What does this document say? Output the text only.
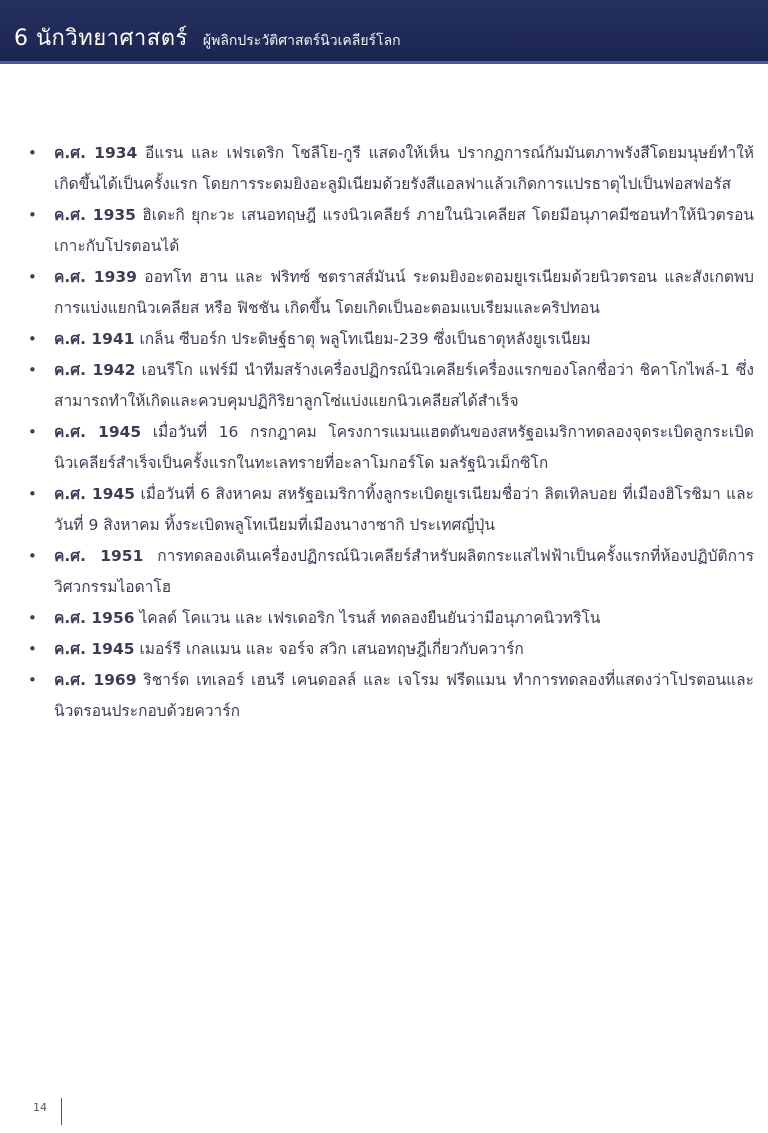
6 นักวิทยาศาสตร์ ผู้พลิกประวัติศาสตร์นิวเคลียร์โลก
• ค.ศ. 1934 อีแรน และ เฟรเดริก โชลีโย-กูรี แสดงให้เห็น ปรากฏการณ์กัมมันตภาพรังสีโดยมนุษย์ทำให้เกิดขึ้นได้เป็นครั้งแรก โดยการระดมยิงอะลูมิเนียมด้วยรังสีแอลฟาแล้วเกิดการแปรธาตุไปเป็นฟอสฟอรัส
• ค.ศ. 1935 ฮิเดะกิ ยุกะวะ เสนอทฤษฎี แรงนิวเคลียร์ ภายในนิวเคลียส โดยมีอนุภาคมีซอนทำให้นิวตรอนเกาะกับโปรตอนได้
• ค.ศ. 1939 ออทโท ฮาน และ ฟริทซ์ ชตราสส์มันน์ ระดมยิงอะตอมยูเรเนียมด้วยนิวตรอน และสังเกตพบ การแบ่งแยกนิวเคลียส หรือ ฟิชชัน เกิดขึ้น โดยเกิดเป็นอะตอมแบเรียมและคริปทอน
• ค.ศ. 1941 เกล็น ซีบอร์ก ประดิษฐ์ธาตุ พลูโทเนียม-239 ซึ่งเป็นธาตุหลังยูเรเนียม
• ค.ศ. 1942 เอนรีโก แฟร์มี นำทีมสร้างเครื่องปฏิกรณ์นิวเคลียร์เครื่องแรกของโลกชื่อว่า ชิคาโกไพล์-1 ซึ่งสามารถทำให้เกิดและควบคุมปฏิกิริยาลูกโซ่แบ่งแยกนิวเคลียสได้สำเร็จ
• ค.ศ. 1945 เมื่อวันที่ 16 กรกฎาคม โครงการแมนแฮตตันของสหรัฐอเมริกาทดลองจุดระเบิดลูกระเบิดนิวเคลียร์สำเร็จเป็นครั้งแรกในทะเลทรายที่อะลาโมกอร์โด มลรัฐนิวเม็กซิโก
• ค.ศ. 1945 เมื่อวันที่ 6 สิงหาคม สหรัฐอเมริกาทิ้งลูกระเบิดยูเรเนียมชื่อว่า ลิตเทิลบอย ที่เมืองฮิโรชิมา และวันที่ 9 สิงหาคม ทิ้งระเบิดพลูโทเนียมที่เมืองนางาซากิ ประเทศญี่ปุ่น
• ค.ศ. 1951 การทดลองเดินเครื่องปฏิกรณ์นิวเคลียร์สำหรับผลิตกระแสไฟฟ้าเป็นครั้งแรกที่ห้องปฏิบัติการวิศวกรรมไอดาโฮ
• ค.ศ. 1956 ไคลด์ โคแวน และ เฟรเดอริก ไรนส์ ทดลองยืนยันว่ามีอนุภาคนิวทริโน
• ค.ศ. 1945 เมอร์รี เกลแมน และ จอร์จ สวิก เสนอทฤษฎีเกี่ยวกับควาร์ก
• ค.ศ. 1969 ริชาร์ด เทเลอร์ เฮนรี เคนดอลล์ และ เจโรม ฟรีดแมน ทำการทดลองที่แสดงว่าโปรตอนและนิวตรอนประกอบด้วยควาร์ก
14
